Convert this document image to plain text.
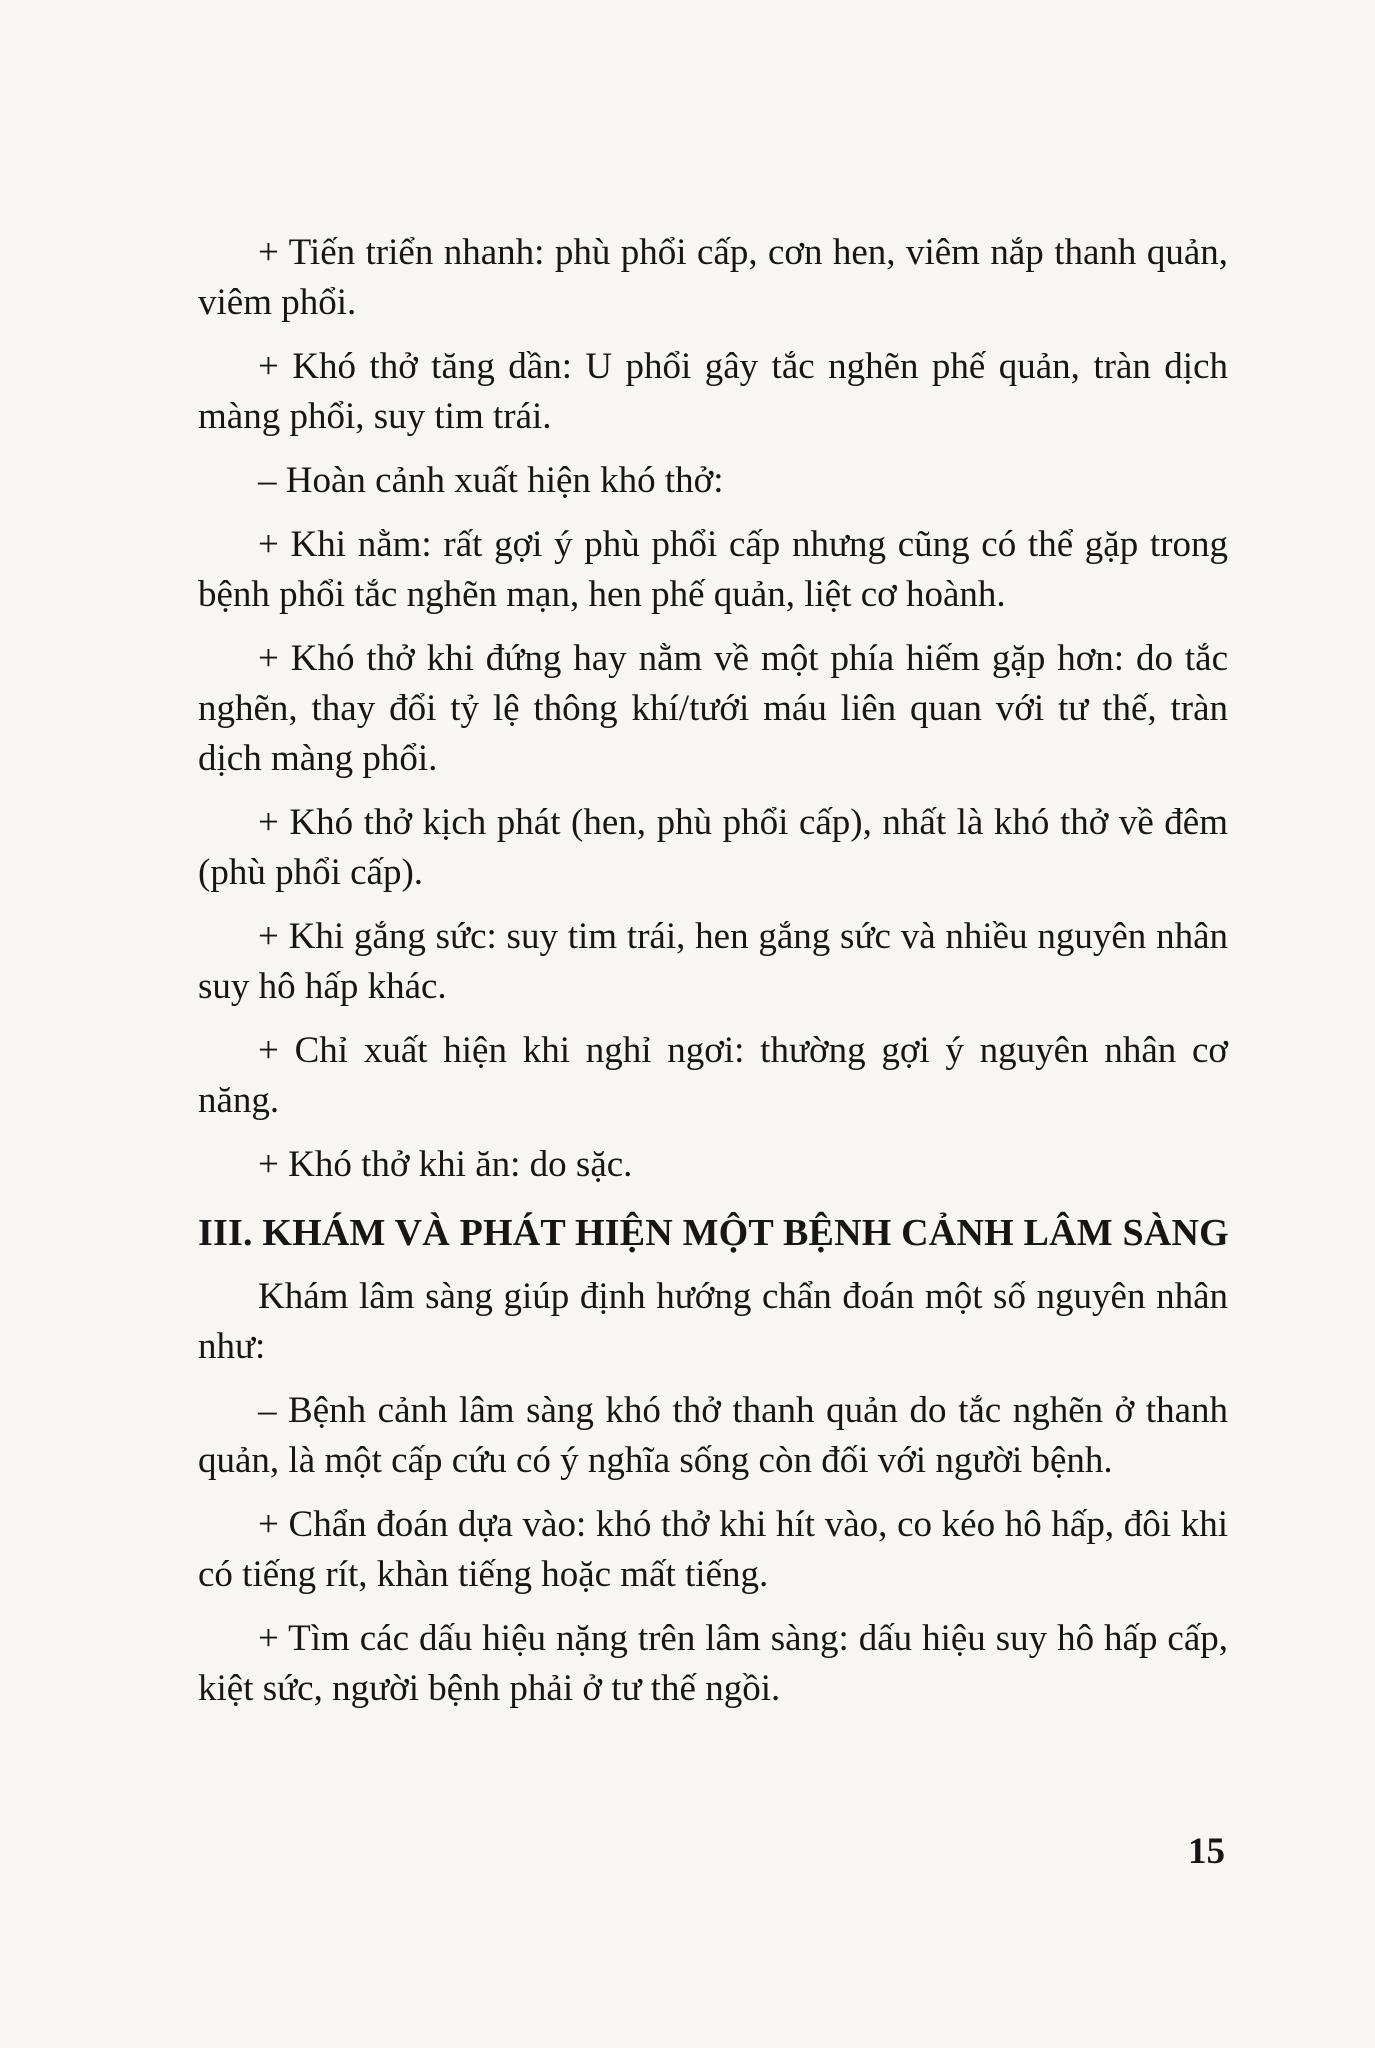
+ Tiến triển nhanh: phù phổi cấp, cơn hen, viêm nắp thanh quản, viêm phổi.

+ Khó thở tăng dần: U phổi gây tắc nghẽn phế quản, tràn dịch màng phổi, suy tim trái.

– Hoàn cảnh xuất hiện khó thở:

+ Khi nằm: rất gợi ý phù phổi cấp nhưng cũng có thể gặp trong bệnh phổi tắc nghẽn mạn, hen phế quản, liệt cơ hoành.

+ Khó thở khi đứng hay nằm về một phía hiếm gặp hơn: do tắc nghẽn, thay đổi tỷ lệ thông khí/tưới máu liên quan với tư thế, tràn dịch màng phổi.

+ Khó thở kịch phát (hen, phù phổi cấp), nhất là khó thở về đêm (phù phổi cấp).

+ Khi gắng sức: suy tim trái, hen gắng sức và nhiều nguyên nhân suy hô hấp khác.

+ Chỉ xuất hiện khi nghỉ ngơi: thường gợi ý nguyên nhân cơ năng.

+ Khó thở khi ăn: do sặc.

III. KHÁM VÀ PHÁT HIỆN MỘT BỆNH CẢNH LÂM SÀNG

Khám lâm sàng giúp định hướng chẩn đoán một số nguyên nhân như:

– Bệnh cảnh lâm sàng khó thở thanh quản do tắc nghẽn ở thanh quản, là một cấp cứu có ý nghĩa sống còn đối với người bệnh.

+ Chẩn đoán dựa vào: khó thở khi hít vào, co kéo hô hấp, đôi khi có tiếng rít, khàn tiếng hoặc mất tiếng.

+ Tìm các dấu hiệu nặng trên lâm sàng: dấu hiệu suy hô hấp cấp, kiệt sức, người bệnh phải ở tư thế ngồi.

15
